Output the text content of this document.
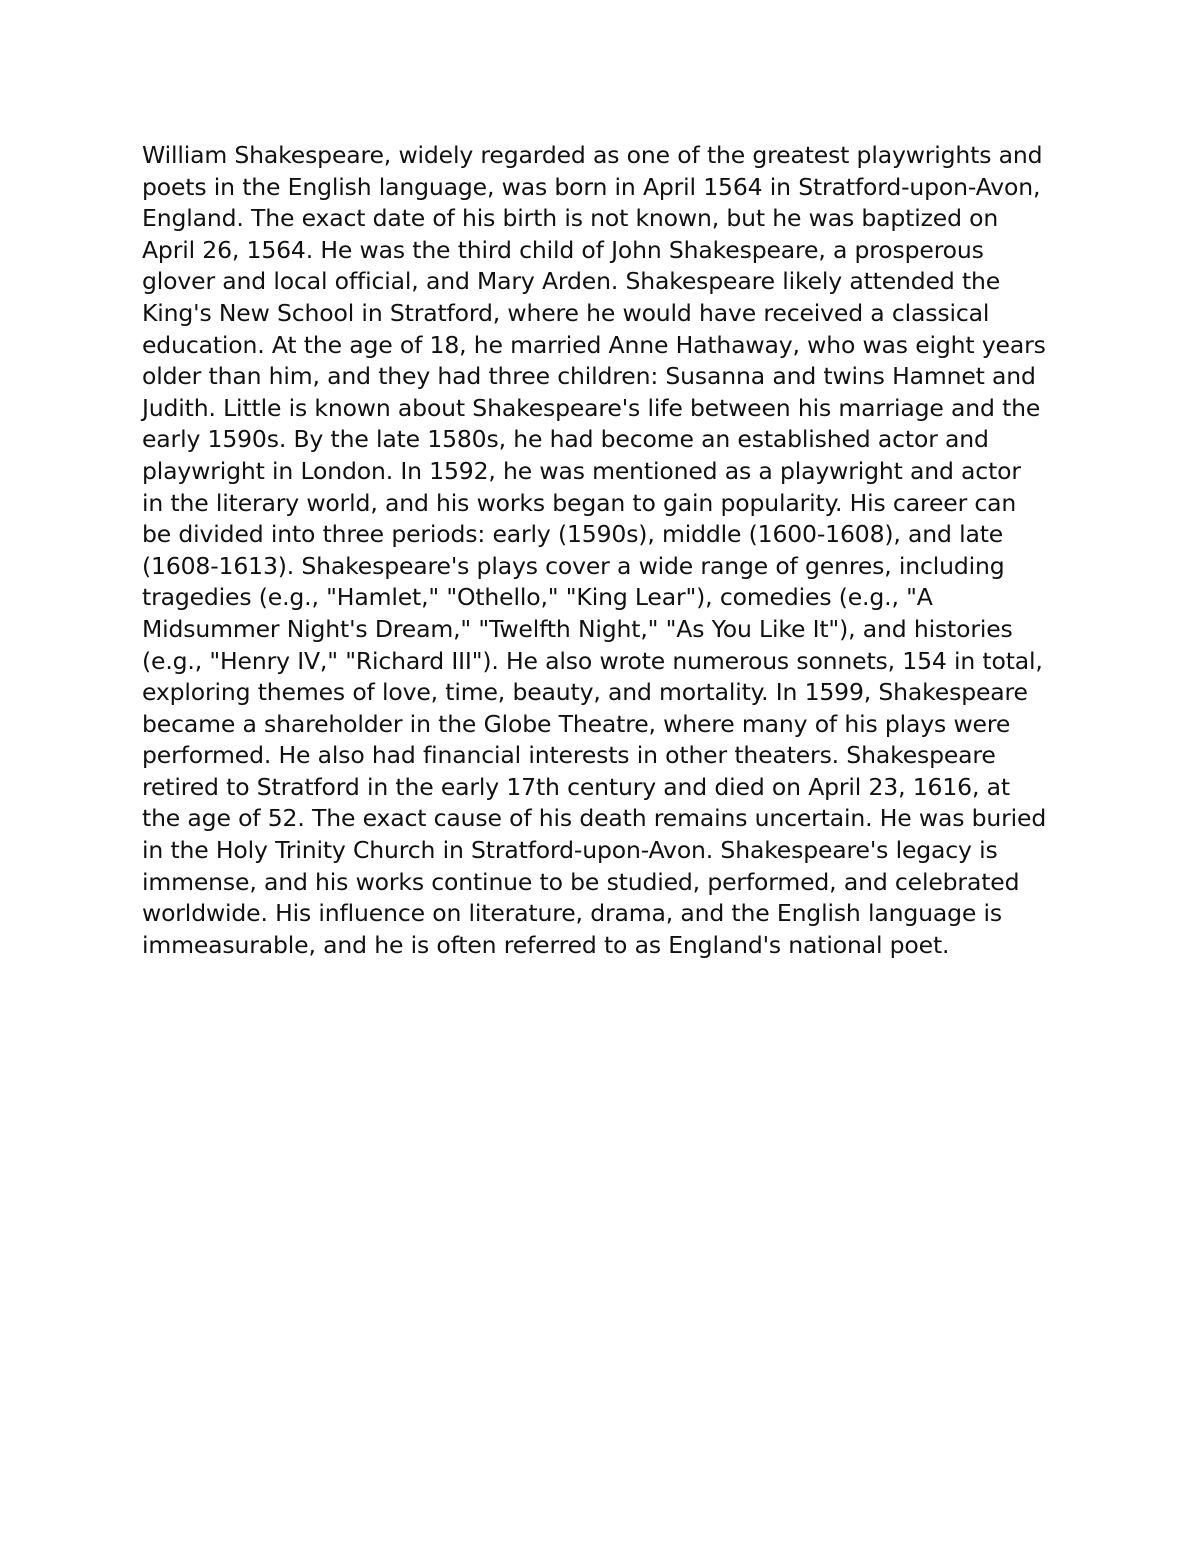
William Shakespeare, widely regarded as one of the greatest playwrights and
poets in the English language, was born in April 1564 in Stratford-upon-Avon,
England. The exact date of his birth is not known, but he was baptized on
April 26, 1564. He was the third child of John Shakespeare, a prosperous
glover and local official, and Mary Arden. Shakespeare likely attended the
King's New School in Stratford, where he would have received a classical
education. At the age of 18, he married Anne Hathaway, who was eight years
older than him, and they had three children: Susanna and twins Hamnet and
Judith. Little is known about Shakespeare's life between his marriage and the
early 1590s. By the late 1580s, he had become an established actor and
playwright in London. In 1592, he was mentioned as a playwright and actor
in the literary world, and his works began to gain popularity. His career can
be divided into three periods: early (1590s), middle (1600-1608), and late
(1608-1613). Shakespeare's plays cover a wide range of genres, including
tragedies (e.g., "Hamlet," "Othello," "King Lear"), comedies (e.g., "A
Midsummer Night's Dream," "Twelfth Night," "As You Like It"), and histories
(e.g., "Henry IV," "Richard III"). He also wrote numerous sonnets, 154 in total,
exploring themes of love, time, beauty, and mortality. In 1599, Shakespeare
became a shareholder in the Globe Theatre, where many of his plays were
performed. He also had financial interests in other theaters. Shakespeare
retired to Stratford in the early 17th century and died on April 23, 1616, at
the age of 52. The exact cause of his death remains uncertain. He was buried
in the Holy Trinity Church in Stratford-upon-Avon. Shakespeare's legacy is
immense, and his works continue to be studied, performed, and celebrated
worldwide. His influence on literature, drama, and the English language is
immeasurable, and he is often referred to as England's national poet.
